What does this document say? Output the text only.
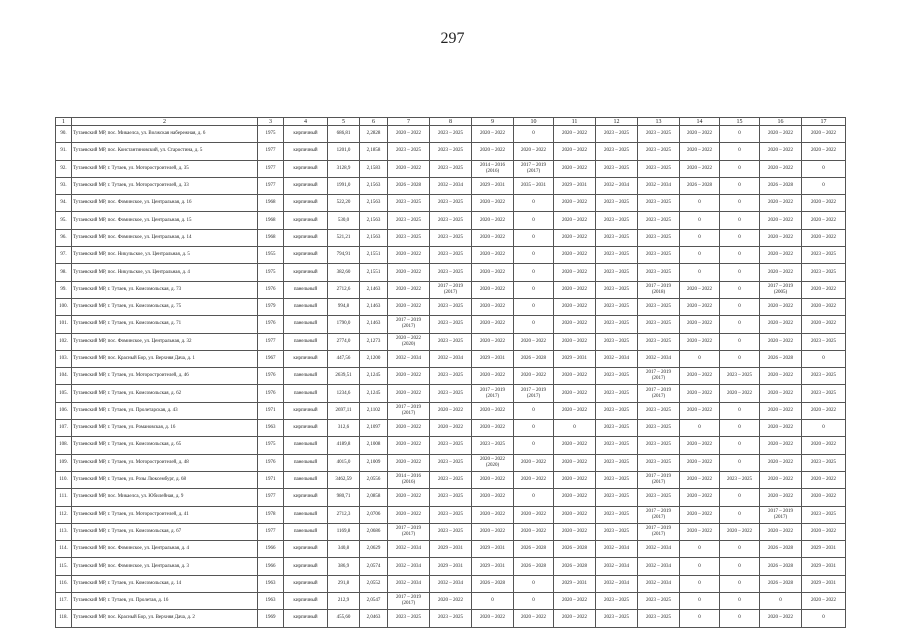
297
1	2	3	4	5	6	7	8	9	10	11	12	13	14	15	16	17
90.	Тутаевский МР, пос. Микаелса, ул. Волжская набережная, д. 6	1975	кирпичный	686,81	2,2828	2020 – 2022	2023 – 2025	2020 – 2022	0	2020 – 2022	2023 – 2025	2023 – 2025	2020 – 2022	0	2020 – 2022	2020 – 2022
91.	Тутаевский МР, пос. Константиновский, ул. Старостина, д. 5	1977	кирпичный	1201,0	2,1858	2023 – 2025	2023 – 2025	2020 – 2022	2020 – 2022	2020 – 2022	2023 – 2025	2023 – 2025	2020 – 2022	0	2020 – 2022	2020 – 2022
92.	Тутаевский МР, г. Тутаев, ул. Моторостроителей, д. 35	1977	кирпичный	3128,9	2,1583	2020 – 2022	2023 – 2025	2014 – 2016 (2016)	2017 – 2019 (2017)	2020 – 2022	2023 – 2025	2023 – 2025	2020 – 2022	0	2020 – 2022	0
93.	Тутаевский МР, г. Тутаев, ул. Моторостроителей, д. 33	1977	кирпичный	1991,0	2,1563	2026 – 2028	2032 – 2034	2029 – 2031	2035 – 2031	2029 – 2031	2032 – 2034	2032 – 2034	2026 – 2028	0	2026 – 2028	0
94.	Тутаевский МР, пос. Фоминское, ул. Центральная, д. 16	1968	кирпичный	522,20	2,1563	2023 – 2025	2023 – 2025	2020 – 2022	0	2020 – 2022	2023 – 2025	2023 – 2025	0	0	2020 – 2022	2020 – 2022
95.	Тутаевский МР, пос. Фоминское, ул. Центральная, д. 15	1968	кирпичный	530,0	2,1563	2023 – 2025	2023 – 2025	2020 – 2022	0	2020 – 2022	2023 – 2025	2023 – 2025	0	0	2020 – 2022	2020 – 2022
96.	Тутаевский МР, пос. Фоминское, ул. Центральная, д. 14	1968	кирпичный	521,21	2,1563	2023 – 2025	2023 – 2025	2020 – 2022	0	2020 – 2022	2023 – 2025	2023 – 2025	0	0	2020 – 2022	2020 – 2022
97.	Тутаевский МР, пос. Никульское, ул. Центральная, д. 5	1955	кирпичный	794,91	2,1551	2020 – 2022	2023 – 2025	2020 – 2022	0	2020 – 2022	2023 – 2025	2023 – 2025	0	0	2020 – 2022	2023 – 2025
98.	Тутаевский МР, пос. Никульское, ул. Центральная, д. 4	1975	кирпичный	382,60	2,1551	2020 – 2022	2023 – 2025	2020 – 2022	0	2020 – 2022	2023 – 2025	2023 – 2025	0	0	2020 – 2022	2023 – 2025
99.	Тутаевский МР, г. Тутаев, ул. Комсомольская, д. 73	1976	панельный	2712,6	2,1463	2020 – 2022	2017 – 2019 (2017)	2020 – 2022	0	2020 – 2022	2023 – 2025	2017 – 2019 (2018)	2020 – 2022	0	2017 – 2019 (2005)	2020 – 2022
100.	Тутаевский МР, г. Тутаев, ул. Комсомольская, д. 75	1979	панельный	994,8	2,1463	2020 – 2022	2023 – 2025	2020 – 2022	0	2020 – 2022	2023 – 2025	2023 – 2025	2020 – 2022	0	2020 – 2022	2020 – 2022
101.	Тутаевский МР, г. Тутаев, ул. Комсомольская, д. 71	1976	панельный	1790,0	2,1463	2017 – 2019 (2017)	2023 – 2025	2020 – 2022	0	2020 – 2022	2023 – 2025	2023 – 2025	2020 – 2022	0	2020 – 2022	2020 – 2022
102.	Тутаевский МР, пос. Фоминское, ул. Центральная, д. 32	1977	панельный	2774,0	2,1273	2020 – 2022 (2020)	2023 – 2025	2020 – 2022	2020 – 2022	2020 – 2022	2023 – 2025	2023 – 2025	2020 – 2022	0	2020 – 2022	2023 – 2025
103.	Тутаевский МР, пос. Красный Бор, ул. Верхняя Дача, д. 1	1967	кирпичный	447,56	2,1200	2032 – 2034	2032 – 2034	2029 – 2031	2026 – 2028	2029 – 2031	2032 – 2034	2032 – 2034	0	0	2026 – 2028	0
104.	Тутаевский МР, г. Тутаев, ул. Моторостроителей, д. 46	1976	панельный	2639,51	2,1245	2020 – 2022	2023 – 2025	2020 – 2022	2020 – 2022	2020 – 2022	2023 – 2025	2017 – 2019 (2017)	2020 – 2022	2023 – 2025	2020 – 2022	2023 – 2025
105.	Тутаевский МР, г. Тутаев, ул. Комсомольская, д. 62	1976	панельный	1234,6	2,1245	2020 – 2022	2023 – 2025	2017 – 2019 (2017)	2017 – 2019 (2017)	2020 – 2022	2023 – 2025	2017 – 2019 (2017)	2020 – 2022	2020 – 2022	2020 – 2022	2023 – 2025
106.	Тутаевский МР, г. Тутаев, ул. Пролетарская, д. 43	1971	кирпичный	2697,11	2,1102	2017 – 2019 (2017)	2020 – 2022	2020 – 2022	0	2020 – 2022	2023 – 2025	2023 – 2025	2020 – 2022	0	2020 – 2022	2020 – 2022
107.	Тутаевский МР, г. Тутаев, ул. Романовская, д. 16	1963	кирпичный	312,6	2,1097	2020 – 2022	2020 – 2022	2020 – 2022	0	0	2023 – 2025	2023 – 2025	0	0	2020 – 2022	0
108.	Тутаевский МР, г. Тутаев, ул. Комсомольская, д. 65	1975	панельный	4189,8	2,1008	2020 – 2022	2023 – 2025	2023 – 2025	0	2020 – 2022	2023 – 2025	2023 – 2025	2020 – 2022	0	2020 – 2022	2020 – 2022
109.	Тутаевский МР, г. Тутаев, ул. Моторостроителей, д. 48	1976	панельный	4015,0	2,1009	2020 – 2022	2023 – 2025	2020 – 2022 (2020)	2020 – 2022	2020 – 2022	2023 – 2025	2023 – 2025	2020 – 2022	0	2020 – 2022	2023 – 2025
110.	Тутаевский МР, г. Тутаев, ул. Розы Люксембург, д. 68	1971	панельный	3462,59	2,0556	2014 – 2016 (2016)	2023 – 2025	2020 – 2022	2020 – 2022	2020 – 2022	2023 – 2025	2017 – 2019 (2017)	2020 – 2022	2023 – 2025	2020 – 2022	2020 – 2022
111.	Тутаевский МР, пос. Микаелса, ул. Юбилейная, д. 9	1977	кирпичный	980,71	2,0858	2020 – 2022	2023 – 2025	2020 – 2022	0	2020 – 2022	2023 – 2025	2023 – 2025	2020 – 2022	0	2020 – 2022	2020 – 2022
112.	Тутаевский МР, г. Тутаев, ул. Моторостроителей, д. 41	1978	панельный	2712,3	2,0706	2020 – 2022	2023 – 2025	2020 – 2022	2020 – 2022	2020 – 2022	2023 – 2025	2017 – 2019 (2017)	2020 – 2022	0	2017 – 2019 (2017)	2023 – 2025
113.	Тутаевский МР, г. Тутаев, ул. Комсомольская, д. 67	1977	панельный	1169,8	2,0686	2017 – 2019 (2017)	2023 – 2025	2020 – 2022	2020 – 2022	2020 – 2022	2023 – 2025	2017 – 2019 (2017)	2020 – 2022	2020 – 2022	2020 – 2022	2020 – 2022
114.	Тутаевский МР, пос. Фоминское, ул. Центральная, д. 4	1966	кирпичный	340,8	2,0629	2032 – 2034	2029 – 2031	2029 – 2031	2026 – 2028	2026 – 2028	2032 – 2034	2032 – 2034	0	0	2026 – 2028	2029 – 2031
115.	Тутаевский МР, пос. Фоминское, ул. Центральная, д. 3	1966	кирпичный	386,9	2,0574	2032 – 2034	2029 – 2031	2029 – 2031	2026 – 2028	2026 – 2028	2032 – 2034	2032 – 2034	0	0	2026 – 2028	2029 – 2031
116.	Тутаевский МР, г. Тутаев, ул. Комсомольская, д. 14	1963	кирпичный	291,8	2,0552	2032 – 2034	2032 – 2034	2026 – 2028	0	2029 – 2031	2032 – 2034	2032 – 2034	0	0	2026 – 2028	2029 – 2031
117.	Тутаевский МР, г. Тутаев, ул. Пролетая, д. 16	1963	кирпичный	212,9	2,0547	2017 – 2019 (2017)	2020 – 2022	0	0	2020 – 2022	2023 – 2025	2023 – 2025	0	0	0	2020 – 2022
118.	Тутаевский МР, пос. Красный Бор, ул. Верхняя Дача, д. 2	1969	кирпичный	455,60	2,0463	2023 – 2025	2023 – 2025	2020 – 2022	2020 – 2022	2020 – 2022	2023 – 2025	2023 – 2025	0	0	2020 – 2022	0
